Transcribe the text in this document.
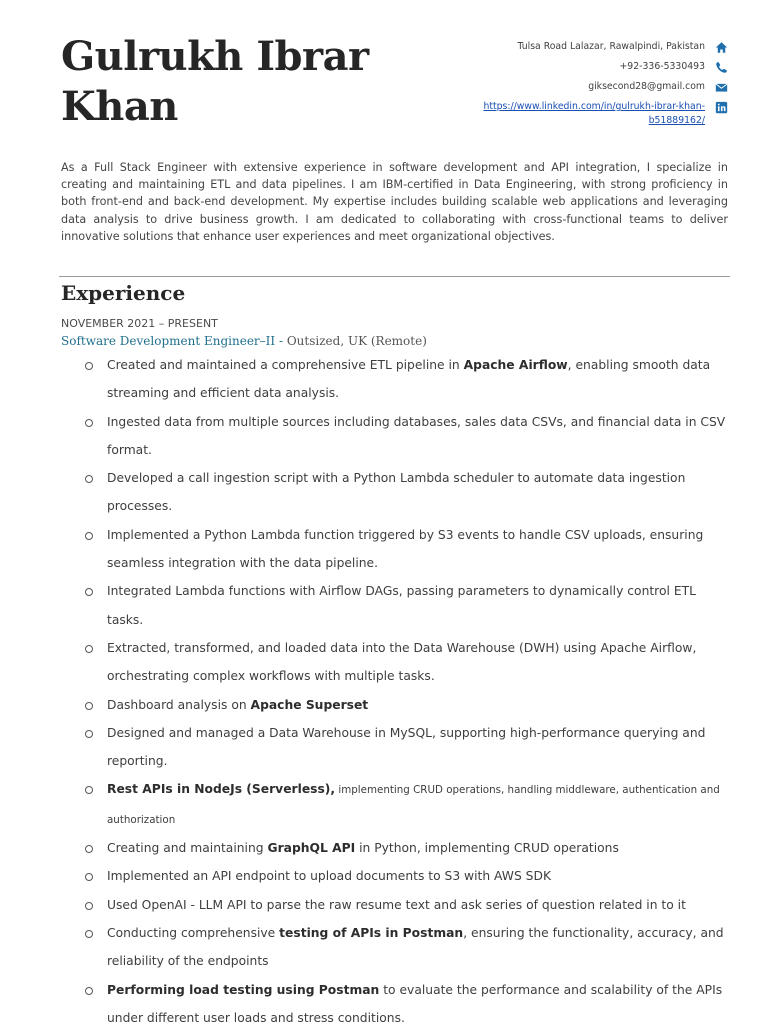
Gulrukh Ibrar
Khan
Tulsa Road Lalazar, Rawalpindi, Pakistan
+92-336-5330493
giksecond28@gmail.com
https://www.linkedin.com/in/gulrukh-ibrar-khan-b51889162/

As a Full Stack Engineer with extensive experience in software development and API integration, I specialize in creating and maintaining ETL and data pipelines. I am IBM-certified in Data Engineering, with strong proficiency in both front-end and back-end development. My expertise includes building scalable web applications and leveraging data analysis to drive business growth. I am dedicated to collaborating with cross-functional teams to deliver innovative solutions that enhance user experiences and meet organizational objectives.

Experience
NOVEMBER 2021 – PRESENT
Software Development Engineer–II - Outsized, UK (Remote)
Created and maintained a comprehensive ETL pipeline in Apache Airflow, enabling smooth data streaming and efficient data analysis.
Ingested data from multiple sources including databases, sales data CSVs, and financial data in CSV format.
Developed a call ingestion script with a Python Lambda scheduler to automate data ingestion processes.
Implemented a Python Lambda function triggered by S3 events to handle CSV uploads, ensuring seamless integration with the data pipeline.
Integrated Lambda functions with Airflow DAGs, passing parameters to dynamically control ETL tasks.
Extracted, transformed, and loaded data into the Data Warehouse (DWH) using Apache Airflow, orchestrating complex workflows with multiple tasks.
Dashboard analysis on Apache Superset
Designed and managed a Data Warehouse in MySQL, supporting high-performance querying and reporting.
Rest APIs in NodeJs (Serverless), implementing CRUD operations, handling middleware, authentication and authorization
Creating and maintaining GraphQL API in Python, implementing CRUD operations
Implemented an API endpoint to upload documents to S3 with AWS SDK
Used OpenAI - LLM API to parse the raw resume text and ask series of question related in to it
Conducting comprehensive testing of APIs in Postman, ensuring the functionality, accuracy, and reliability of the endpoints
Performing load testing using Postman to evaluate the performance and scalability of the APIs under different user loads and stress conditions.
